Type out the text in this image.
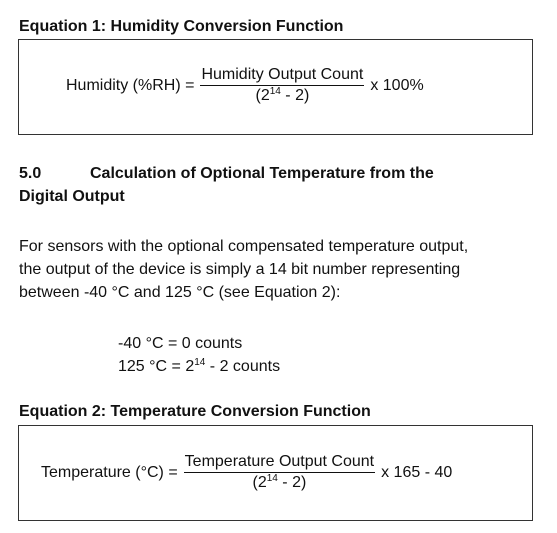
Equation 1: Humidity Conversion Function
Humidity $(\%RH) = \frac{\text{Humidity Output Count}}{(2^{14} - 2)}$ x 100%
5.0	Calculation of Optional Temperature from the
Digital Output
For sensors with the optional compensated temperature output,
the output of the device is simply a 14 bit number representing
between -40 °C and 125 °C (see Equation 2):
-40 °C = 0 counts
125 $^\circ C = 2^{14} - 2$ counts
Equation 2: Temperature Conversion Function
Temperature $(^\circ C) = \frac{\text{Temperature Output Count}}{(2^{14} - 2)}$ x 165 - 40
